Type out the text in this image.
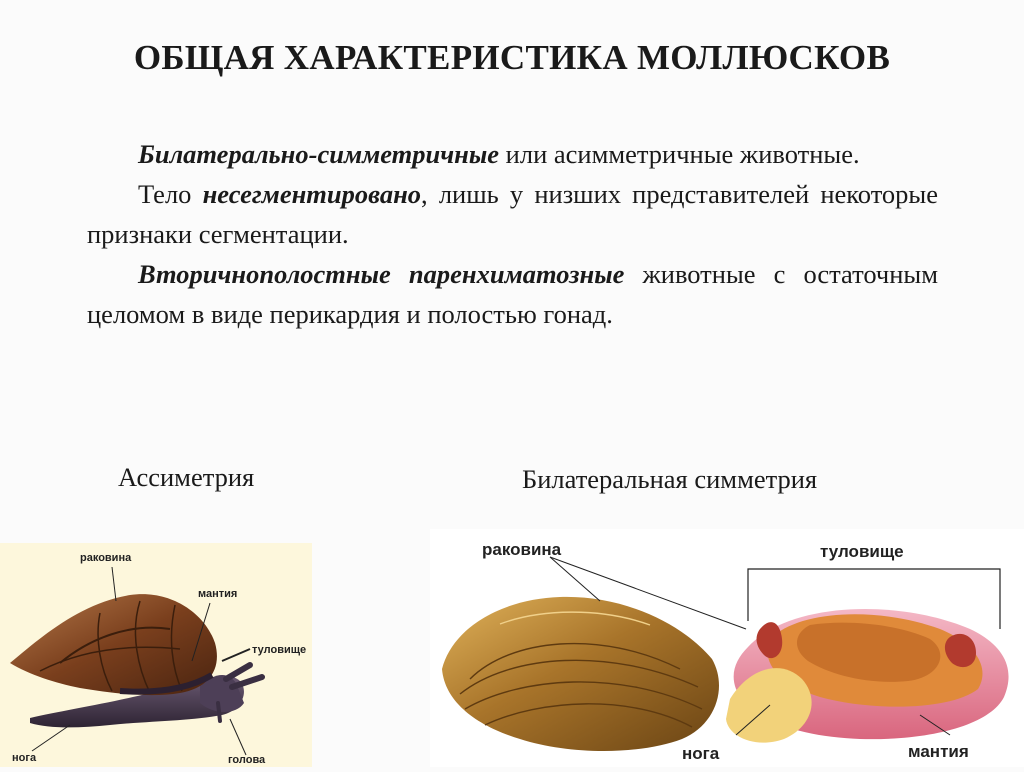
ОБЩАЯ ХАРАКТЕРИСТИКА МОЛЛЮСКОВ
Билатерально-симметричные или асимметричные животные.
Тело несегментировано, лишь у низших представителей некоторые признаки сегментации.
Вторичнополостные паренхиматозные животные с остаточным целомом в виде перикардия и полостью гонад.
Ассиметрия	Билатеральная симметрия
раковина
мантия
туловище
нога	голова
раковина	туловище
нога	мантия
